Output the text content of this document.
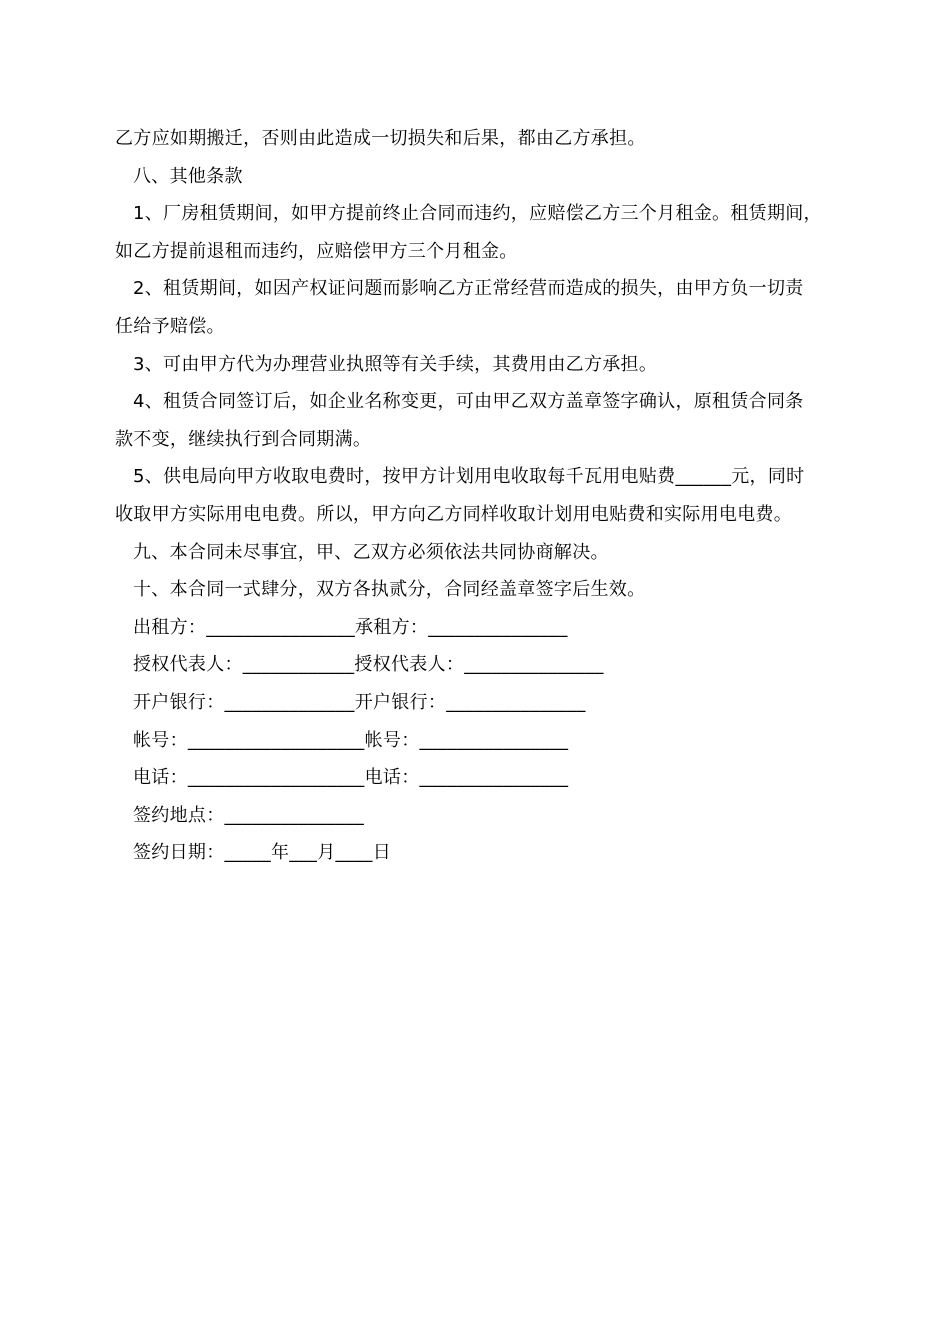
乙方应如期搬迁，否则由此造成一切损失和后果，都由乙方承担。
八、其他条款
1、厂房租赁期间，如甲方提前终止合同而违约，应赔偿乙方三个月租金。租赁期间，
如乙方提前退租而违约，应赔偿甲方三个月租金。
2、租赁期间，如因产权证问题而影响乙方正常经营而造成的损失，由甲方负一切责
任给予赔偿。
3、可由甲方代为办理营业执照等有关手续，其费用由乙方承担。
4、租赁合同签订后，如企业名称变更，可由甲乙双方盖章签字确认，原租赁合同条
款不变，继续执行到合同期满。
5、供电局向甲方收取电费时，按甲方计划用电收取每千瓦用电贴费______元，同时
收取甲方实际用电电费。所以，甲方向乙方同样收取计划用电贴费和实际用电电费。
九、本合同未尽事宜，甲、乙双方必须依法共同协商解决。
十、本合同一式肆分，双方各执贰分，合同经盖章签字后生效。
出租方：________________承租方：_______________
授权代表人：____________授权代表人：_______________
开户银行：______________开户银行：_______________
帐号：___________________帐号：________________
电话：___________________电话：________________
签约地点：_______________
签约日期：_____年___月____日
